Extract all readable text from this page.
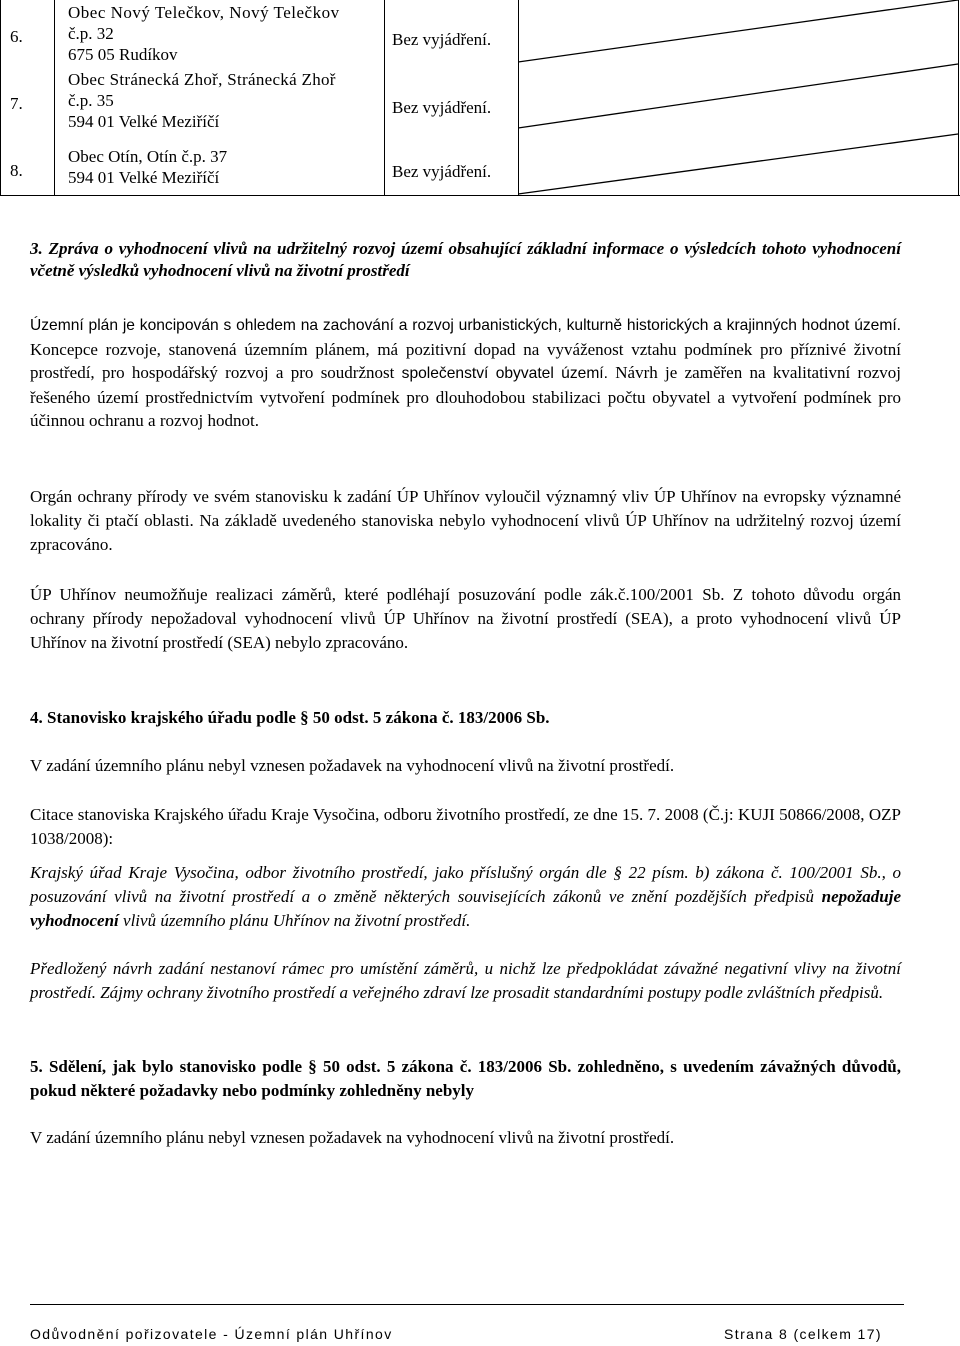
6.
7.
8.
Obec Nový Telečkov, Nový Telečkov
č.p. 32
675 05 Rudíkov
Obec Stránecká Zhoř, Stránecká Zhoř
č.p. 35
594 01 Velké Meziříčí
Obec Otín, Otín č.p. 37
594 01 Velké Meziříčí
Bez vyjádření.
Bez vyjádření.
Bez vyjádření.
3. Zpráva o vyhodnocení vlivů na udržitelný rozvoj území obsahující základní informace o výsledcích tohoto vyhodnocení včetně výsledků vyhodnocení vlivů na životní prostředí
Územní plán je koncipován s ohledem na zachování a rozvoj urbanistických, kulturně historických a krajinných hodnot území. Koncepce rozvoje, stanovená územním plánem, má pozitivní dopad na vyváženost vztahu podmínek pro příznivé životní prostředí, pro hospodářský rozvoj a pro soudržnost společenství obyvatel území. Návrh je zaměřen na kvalitativní rozvoj řešeného území prostřednictvím vytvoření podmínek pro dlouhodobou stabilizaci počtu obyvatel a vytvoření podmínek pro účinnou ochranu a rozvoj hodnot.
Orgán ochrany přírody ve svém stanovisku k zadání ÚP Uhřínov vyloučil významný vliv ÚP Uhřínov na evropsky významné lokality či ptačí oblasti. Na základě uvedeného stanoviska nebylo vyhodnocení vlivů ÚP Uhřínov na udržitelný rozvoj území zpracováno.
ÚP Uhřínov neumožňuje realizaci záměrů, které podléhají posuzování podle zák.č.100/2001 Sb. Z tohoto důvodu orgán ochrany přírody nepožadoval vyhodnocení vlivů ÚP Uhřínov na životní prostředí (SEA), a proto vyhodnocení vlivů ÚP Uhřínov na životní prostředí (SEA) nebylo zpracováno.
4. Stanovisko krajského úřadu podle § 50 odst. 5 zákona č. 183/2006 Sb.
V zadání územního plánu nebyl vznesen požadavek na vyhodnocení vlivů na životní prostředí.
Citace stanoviska Krajského úřadu Kraje Vysočina, odboru životního prostředí, ze dne 15. 7. 2008 (Č.j: KUJI 50866/2008, OZP 1038/2008):
Krajský úřad Kraje Vysočina, odbor životního prostředí, jako příslušný orgán dle § 22 písm. b) zákona č. 100/2001 Sb., o posuzování vlivů na životní prostředí a o změně některých souvisejících zákonů ve znění pozdějších předpisů nepožaduje vyhodnocení vlivů územního plánu Uhřínov na životní prostředí.
Předložený návrh zadání nestanoví rámec pro umístění záměrů, u nichž lze předpokládat závažné negativní vlivy na životní prostředí. Zájmy ochrany životního prostředí a veřejného zdraví lze prosadit standardními postupy podle zvláštních předpisů.
5. Sdělení, jak bylo stanovisko podle § 50 odst. 5 zákona č. 183/2006 Sb. zohledněno, s uvedením závažných důvodů, pokud některé požadavky nebo podmínky zohledněny nebyly
V zadání územního plánu nebyl vznesen požadavek na vyhodnocení vlivů na životní prostředí.
Odůvodnění pořizovatele - Územní plán Uhřínov	Strana 8 (celkem 17)
